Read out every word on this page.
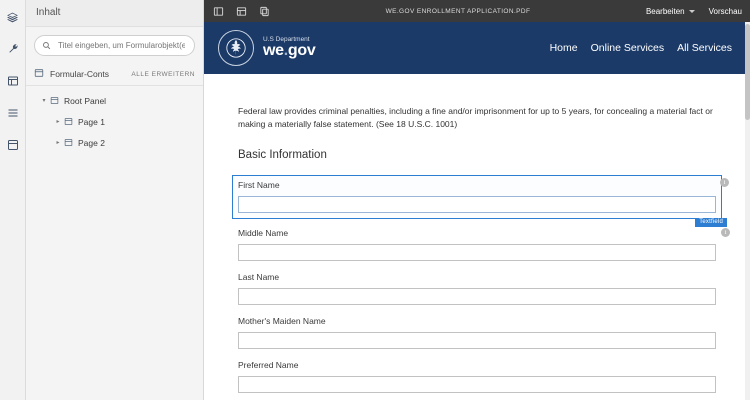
Inhalt
Titel eingeben, um Formularobjekt(e) zu finden
Formular-Conts	ALLE ERWEITERN
▾	Root Panel
▸	Page 1
▸	Page 2
WE.GOV ENROLLMENT APPLICATION.PDF	Bearbeiten	Vorschau
U.S Department
we.gov	Home Online Services All Services

Federal law provides criminal penalties, including a fine and/or imprisonment for up to 5 years, for concealing a material fact or making a materially false statement. (See 18 U.S.C. 1001)

Basic Information
First Name	i
Textfield
Middle Name	i
Last Name
Mother's Maiden Name
Preferred Name
